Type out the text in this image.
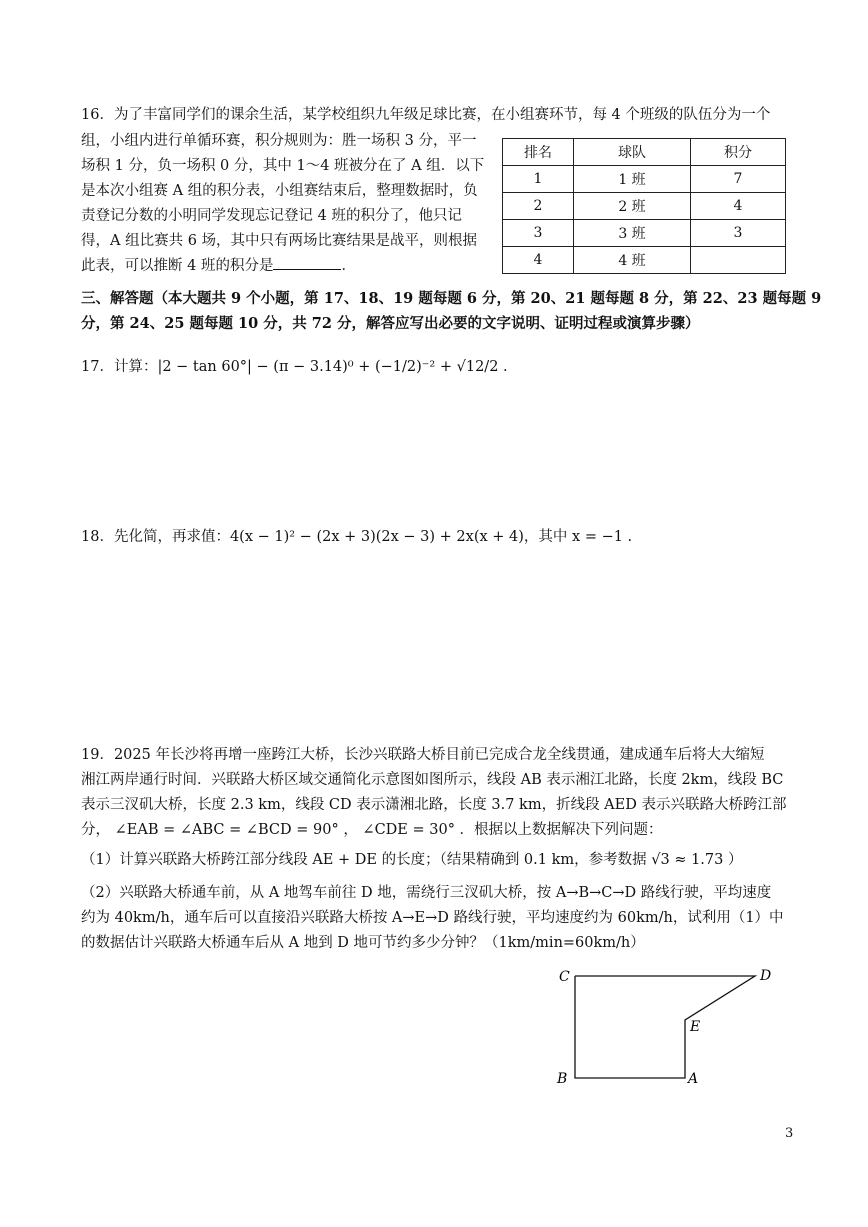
16．为了丰富同学们的课余生活，某学校组织九年级足球比赛，在小组赛环节，每 4 个班级的队伍分为一个
组，小组内进行单循环赛，积分规则为：胜一场积 3 分，平一
场积 1 分，负一场积 0 分，其中 1～4 班被分在了 A 组．以下
是本次小组赛 A 组的积分表，小组赛结束后，整理数据时，负
责登记分数的小明同学发现忘记登记 4 班的积分了，他只记
得，A 组比赛共 6 场，其中只有两场比赛结果是战平，则根据
此表，可以推断 4 班的积分是	．
排名	球队	积分
1	1 班	7
2	2 班	4
3	3 班	3
4	4 班	
三、解答题（本大题共 9 个小题，第 17、18、19 题每题 6 分，第 20、21 题每题 8 分，第 22、23 题每题 9
分，第 24、25 题每题 10 分，共 72 分，解答应写出必要的文字说明、证明过程或演算步骤）
17．计算：|2 − tan 60°| − (π − 3.14)⁰ + (−1/2)⁻² + √12/2 .
18．先化简，再求值：4(x − 1)² − (2x + 3)(2x − 3) + 2x(x + 4)，其中 x = −1 .
19．2025 年长沙将再增一座跨江大桥，长沙兴联路大桥目前已完成合龙全线贯通，建成通车后将大大缩短
湘江两岸通行时间．兴联路大桥区域交通简化示意图如图所示，线段 AB 表示湘江北路，长度 2km，线段 BC
表示三汊矶大桥，长度 2.3 km，线段 CD 表示潇湘北路，长度 3.7 km，折线段 AED 表示兴联路大桥跨江部
分， ∠EAB = ∠ABC = ∠BCD = 90° ， ∠CDE = 30° ．根据以上数据解决下列问题：
（1）计算兴联路大桥跨江部分线段 AE + DE 的长度；（结果精确到 0.1 km，参考数据 √3 ≈ 1.73 ）
（2）兴联路大桥通车前，从 A 地驾车前往 D 地，需绕行三汊矶大桥，按 A→B→C→D 路线行驶，平均速度
约为 40km/h，通车后可以直接沿兴联路大桥按 A→E→D 路线行驶，平均速度约为 60km/h，试利用（1）中
的数据估计兴联路大桥通车后从 A 地到 D 地可节约多少分钟？（1km/min=60km/h）
C	D
E
B	A
3
